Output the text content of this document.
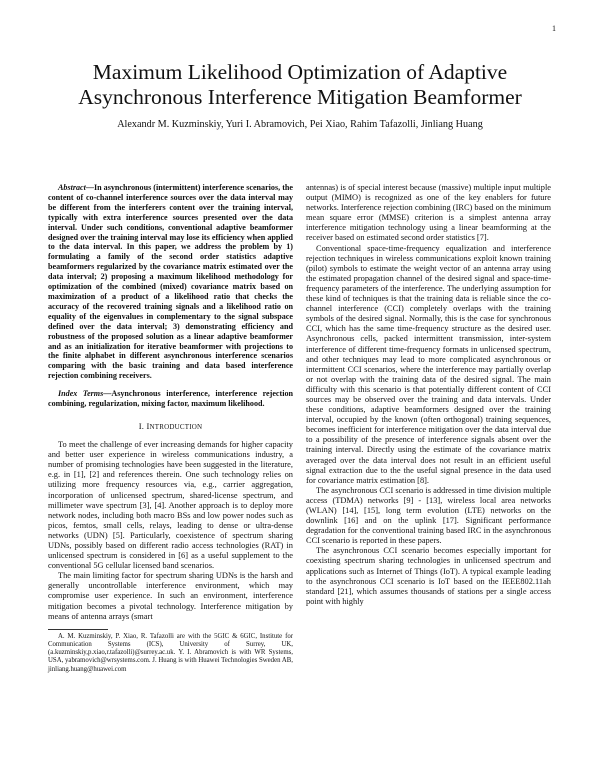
1
Maximum Likelihood Optimization of Adaptive
Asynchronous Interference Mitigation Beamformer
Alexandr M. Kuzminskiy, Yuri I. Abramovich, Pei Xiao, Rahim Tafazolli, Jinliang Huang

Abstract—In asynchronous (intermittent) interference scenarios, the content of co-channel interference sources over the data interval may be different from the interferers content over the training interval, typically with extra interference sources presented over the data interval. Under such conditions, conventional adaptive beamformer designed over the training interval may lose its efficiency when applied to the data interval. In this paper, we address the problem by 1) formulating a family of the second order statistics adaptive beamformers regularized by the covariance matrix estimated over the data interval; 2) proposing a maximum likelihood methodology for optimization of the combined (mixed) covariance matrix based on maximization of a product of a likelihood ratio that checks the accuracy of the recovered training signals and a likelihood ratio on equality of the eigenvalues in complementary to the signal subspace defined over the data interval; 3) demonstrating efficiency and robustness of the proposed solution as a linear adaptive beamformer and as an initialization for iterative beamformer with projections to the finite alphabet in different asynchronous interference scenarios comparing with the basic training and data based interference rejection combining receivers.

Index Terms—Asynchronous interference, interference rejection combining, regularization, mixing factor, maximum likelihood.

I. INTRODUCTION

To meet the challenge of ever increasing demands for higher capacity and better user experience in wireless communications industry, a number of promising technologies have been suggested in the literature, e.g. in [1], [2] and references therein. One such technology relies on utilizing more frequency resources via, e.g., carrier aggregation, incorporation of unlicensed spectrum, shared-license spectrum, and millimeter wave spectrum [3], [4]. Another approach is to deploy more network nodes, including both macro BSs and low power nodes such as picos, femtos, small cells, relays, leading to dense or ultra-dense networks (UDN) [5]. Particularly, coexistence of spectrum sharing UDNs, possibly based on different radio access technologies (RAT) in unlicensed spectrum is considered in [6] as a useful supplement to the conventional 5G cellular licensed band scenarios.

The main limiting factor for spectrum sharing UDNs is the harsh and generally uncontrollable interference environment, which may compromise user experience. In such an environment, interference mitigation becomes a pivotal technology. Interference mitigation by means of antenna arrays (smart

A. M. Kuzminskiy, P. Xiao, R. Tafazolli are with the 5GIC & 6GIC, Institute for Communication Systems (ICS), University of Surrey, UK, (a.kuzminskiy,p.xiao,r.tafazolli)@surrey.ac.uk. Y. I. Abramovich is with WR Systems, USA, yabramovich@wrsystems.com. J. Huang is with Huawei Technologies Sweden AB, jinliang.huang@huawei.com

antennas) is of special interest because (massive) multiple input multiple output (MIMO) is recognized as one of the key enablers for future networks. Interference rejection combining (IRC) based on the minimum mean square error (MMSE) criterion is a simplest antenna array interference mitigation technology using a linear beamforming at the receiver based on estimated second order statistics [7].

Conventional space-time-frequency equalization and interference rejection techniques in wireless communications exploit known training (pilot) symbols to estimate the weight vector of an antenna array using the estimated propagation channel of the desired signal and space-time-frequency parameters of the interference. The underlying assumption for these kind of techniques is that the training data is reliable since the co-channel interference (CCI) completely overlaps with the training symbols of the desired signal. Normally, this is the case for synchronous CCI, which has the same time-frequency structure as the desired user. Asynchronous cells, packed intermittent transmission, inter-system interference of different time-frequency formats in unlicensed spectrum, and other techniques may lead to more complicated asynchronous or intermittent CCI scenarios, where the interference may partially overlap or not overlap with the training data of the desired signal. The main difficulty with this scenario is that potentially different content of CCI sources may be observed over the training and data intervals. Under these conditions, adaptive beamformers designed over the training interval, occupied by the known (often orthogonal) training sequences, becomes inefficient for interference mitigation over the data interval due to a possibility of the presence of interference signals absent over the training interval. Directly using the estimate of the covariance matrix averaged over the data interval does not result in an efficient useful signal extraction due to the the useful signal presence in the data used for covariance matrix estimation [8].

The asynchronous CCI scenario is addressed in time division multiple access (TDMA) networks [9] - [13], wireless local area networks (WLAN) [14], [15], long term evolution (LTE) networks on the downlink [16] and on the uplink [17]. Significant performance degradation for the conventional training based IRC in the asynchronous CCI scenario is reported in these papers.

The asynchronous CCI scenario becomes especially important for coexisting spectrum sharing technologies in unlicensed spectrum and applications such as Internet of Things (IoT). A typical example leading to the asynchronous CCI scenario is IoT based on the IEEE802.11ah standard [21], which assumes thousands of stations per a single access point with highly
